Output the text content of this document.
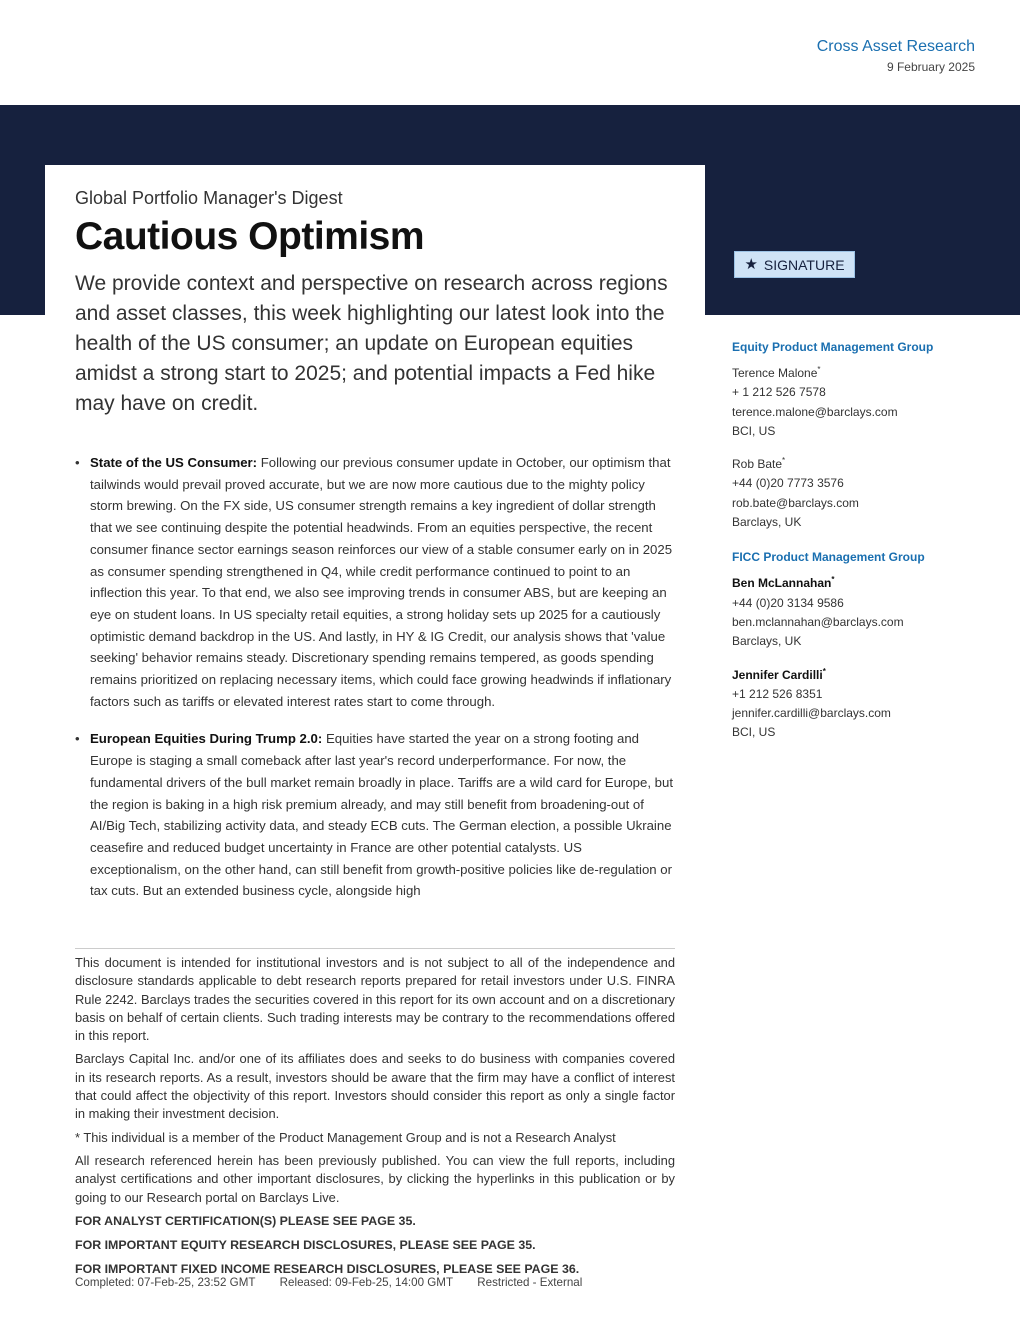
Cross Asset Research
9 February 2025
Global Portfolio Manager's Digest
Cautious Optimism

We provide context and perspective on research across regions and asset classes, this week highlighting our latest look into the health of the US consumer; an update on European equities amidst a strong start to 2025; and potential impacts a Fed hike may have on credit.

★ SIGNATURE
• State of the US Consumer: Following our previous consumer update in October, our optimism that tailwinds would prevail proved accurate, but we are now more cautious due to the mighty policy storm brewing. On the FX side, US consumer strength remains a key ingredient of dollar strength that we see continuing despite the potential headwinds. From an equities perspective, the recent consumer finance sector earnings season reinforces our view of a stable consumer early on in 2025 as consumer spending strengthened in Q4, while credit performance continued to point to an inflection this year. To that end, we also see improving trends in consumer ABS, but are keeping an eye on student loans. In US specialty retail equities, a strong holiday sets up 2025 for a cautiously optimistic demand backdrop in the US. And lastly, in HY & IG Credit, our analysis shows that 'value seeking' behavior remains steady. Discretionary spending remains tempered, as goods spending remains prioritized on replacing necessary items, which could face growing headwinds if inflationary factors such as tariffs or elevated interest rates start to come through.
• European Equities During Trump 2.0: Equities have started the year on a strong footing and Europe is staging a small comeback after last year's record underperformance. For now, the fundamental drivers of the bull market remain broadly in place. Tariffs are a wild card for Europe, but the region is baking in a high risk premium already, and may still benefit from broadening-out of AI/Big Tech, stabilizing activity data, and steady ECB cuts. The German election, a possible Ukraine ceasefire and reduced budget uncertainty in France are other potential catalysts. US exceptionalism, on the other hand, can still benefit from growth-positive policies like de-regulation or tax cuts. But an extended business cycle, alongside high
Equity Product Management Group
Terence Malone*
+ 1 212 526 7578
terence.malone@barclays.com
BCI, US
Rob Bate*
+44 (0)20 7773 3576
rob.bate@barclays.com
Barclays, UK
FICC Product Management Group
Ben McLannahan*
+44 (0)20 3134 9586
ben.mclannahan@barclays.com
Barclays, UK
Jennifer Cardilli*
+1 212 526 8351
jennifer.cardilli@barclays.com
BCI, US

This document is intended for institutional investors and is not subject to all of the independence and disclosure standards applicable to debt research reports prepared for retail investors under U.S. FINRA Rule 2242. Barclays trades the securities covered in this report for its own account and on a discretionary basis on behalf of certain clients. Such trading interests may be contrary to the recommendations offered in this report.

Barclays Capital Inc. and/or one of its affiliates does and seeks to do business with companies covered in its research reports. As a result, investors should be aware that the firm may have a conflict of interest that could affect the objectivity of this report. Investors should consider this report as only a single factor in making their investment decision.

* This individual is a member of the Product Management Group and is not a Research Analyst

All research referenced herein has been previously published. You can view the full reports, including analyst certifications and other important disclosures, by clicking the hyperlinks in this publication or by going to our Research portal on Barclays Live.

FOR ANALYST CERTIFICATION(S) PLEASE SEE PAGE 35.

FOR IMPORTANT EQUITY RESEARCH DISCLOSURES, PLEASE SEE PAGE 35.

FOR IMPORTANT FIXED INCOME RESEARCH DISCLOSURES, PLEASE SEE PAGE 36.

Completed: 07-Feb-25, 23:52 GMT Released: 09-Feb-25, 14:00 GMT Restricted - External
